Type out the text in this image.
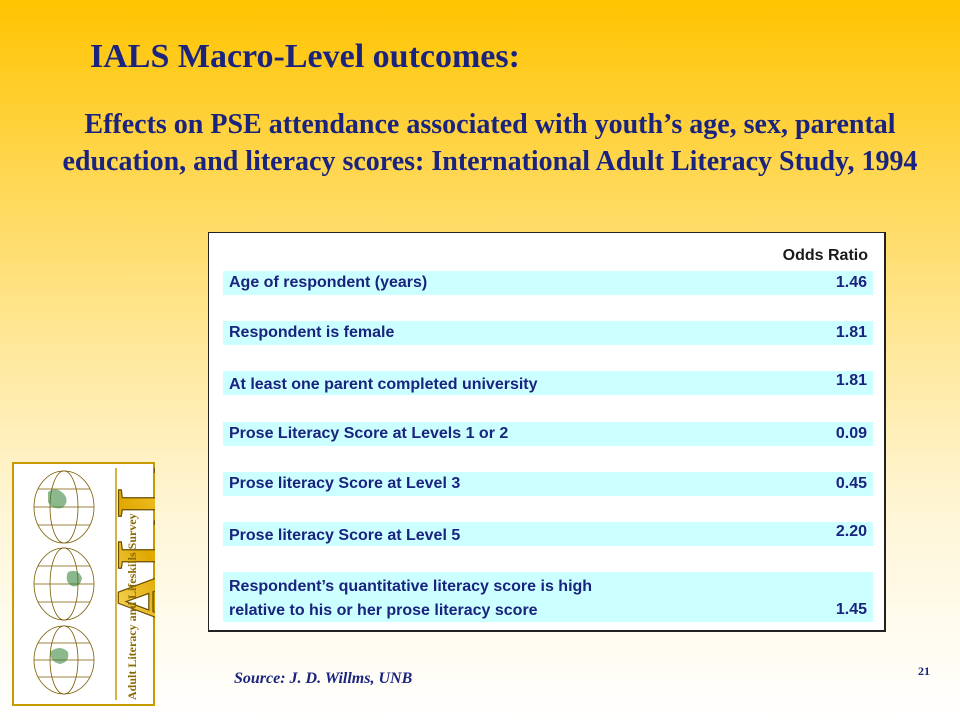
IALS Macro-Level outcomes:
Effects on PSE attendance associated with youth’s age, sex, parental education, and literacy scores: International Adult Literacy Study, 1994
Odds Ratio
Age of respondent (years)	1.46
Respondent is female	1.81
At least one parent completed university	1.81
Prose Literacy Score at Levels 1 or 2	0.09
Prose literacy Score at Level 3	0.45
Prose literacy Score at Level 5	2.20
Respondent’s quantitative literacy score is high
relative to his or her prose literacy score	1.45
ALL
Adult Literacy and Lifeskills Survey	Source: J. D. Willms, UNB	21
